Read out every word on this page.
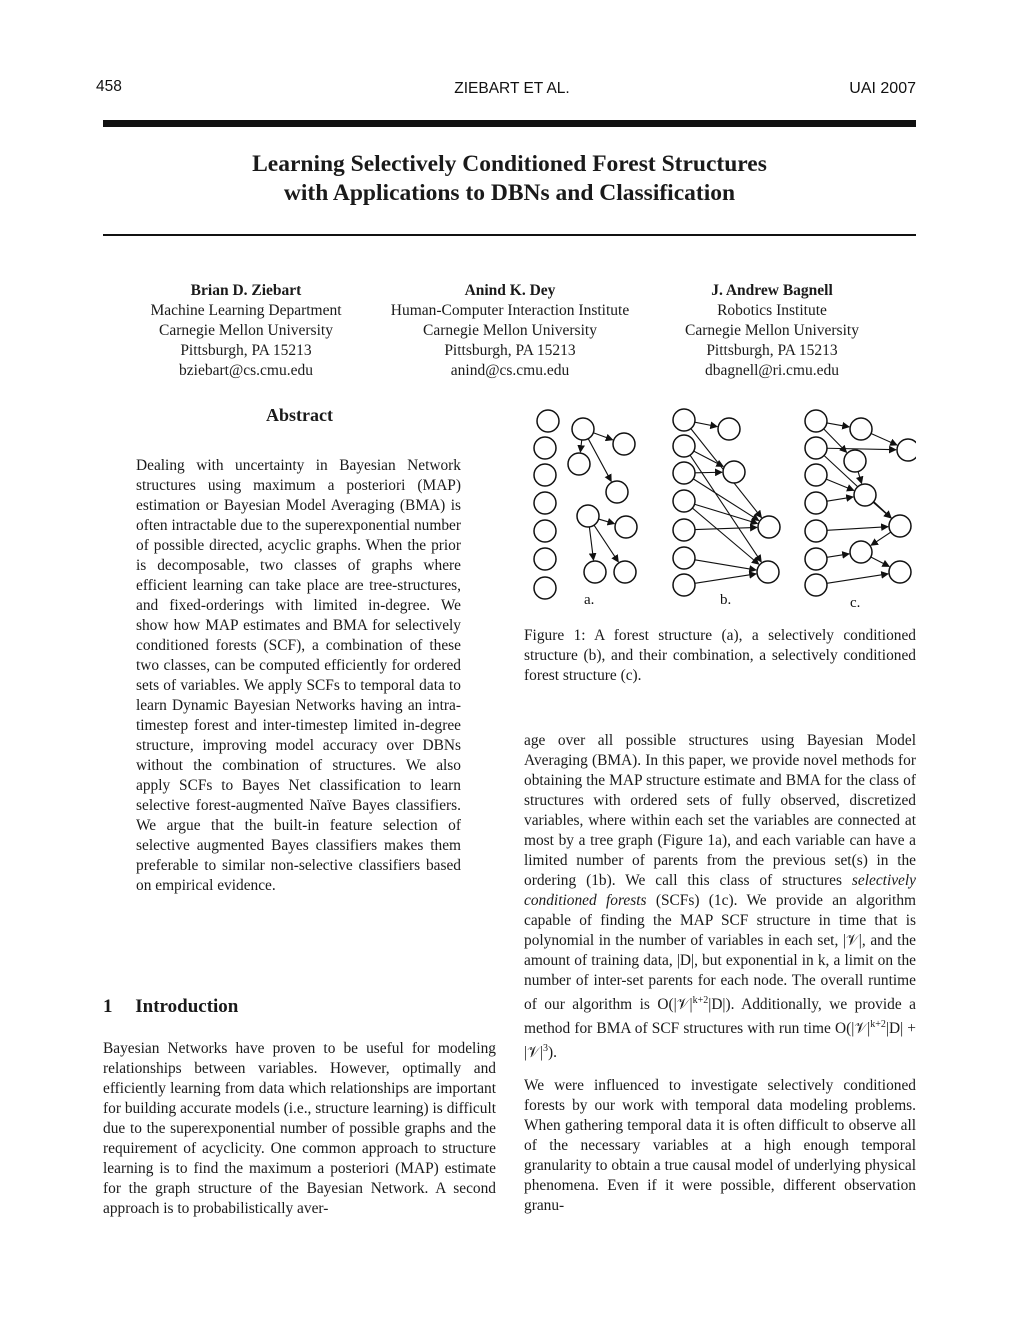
458	ZIEBART ET AL.	UAI 2007
Learning Selectively Conditioned Forest Structures
with Applications to DBNs and Classification
Brian D. Ziebart
Machine Learning Department
Carnegie Mellon University
Pittsburgh, PA 15213
bziebart@cs.cmu.edu
Anind K. Dey
Human-Computer Interaction Institute
Carnegie Mellon University
Pittsburgh, PA 15213
anind@cs.cmu.edu
J. Andrew Bagnell
Robotics Institute
Carnegie Mellon University
Pittsburgh, PA 15213
dbagnell@ri.cmu.edu
Abstract

Dealing with uncertainty in Bayesian Network structures using maximum a posteriori (MAP) estimation or Bayesian Model Averaging (BMA) is often intractable due to the superexponential number of possible directed, acyclic graphs. When the prior is decomposable, two classes of graphs where efficient learning can take place are tree-structures, and fixed-orderings with limited in-degree. We show how MAP estimates and BMA for selectively conditioned forests (SCF), a combination of these two classes, can be computed efficiently for ordered sets of variables. We apply SCFs to temporal data to learn Dynamic Bayesian Networks having an intra-timestep forest and inter-timestep limited in-degree structure, improving model accuracy over DBNs without the combination of structures. We also apply SCFs to Bayes Net classification to learn selective forest-augmented Naïve Bayes classifiers. We argue that the built-in feature selection of selective augmented Bayes classifiers makes them preferable to similar non-selective classifiers based on empirical evidence.

1 Introduction

Bayesian Networks have proven to be useful for modeling relationships between variables. However, optimally and efficiently learning from data which relationships are important for building accurate models (i.e., structure learning) is difficult due to the superexponential number of possible graphs and the requirement of acyclicity. One common approach to structure learning is to find the maximum a posteriori (MAP) estimate for the graph structure of the Bayesian Network. A second approach is to probabilistically aver-

a.	b.	c.
Figure 1: A forest structure (a), a selectively conditioned structure (b), and their combination, a selectively conditioned forest structure (c).

age over all possible structures using Bayesian Model Averaging (BMA). In this paper, we provide novel methods for obtaining the MAP structure estimate and BMA for the class of structures with ordered sets of fully observed, discretized variables, where within each set the variables are connected at most by a tree graph (Figure 1a), and each variable can have a limited number of parents from the previous set(s) in the ordering (1b). We call this class of structures selectively conditioned forests (SCFs) (1c). We provide an algorithm capable of finding the MAP SCF structure in time that is polynomial in the number of variables in each set, |𝒱|, and the amount of training data, |D|, but exponential in k, a limit on the number of inter-set parents for each node. The overall runtime of our algorithm is $O(|𝒱|^{k+2}|D|)$. Additionally, we provide a method for BMA of SCF structures with run time $O(|𝒱|^{k+2}|D|$ + $|𝒱|^3$).

We were influenced to investigate selectively conditioned forests by our work with temporal data modeling problems. When gathering temporal data it is often difficult to observe all of the necessary variables at a high enough temporal granularity to obtain a true causal model of underlying physical phenomena. Even if it were possible, different observation granu-
